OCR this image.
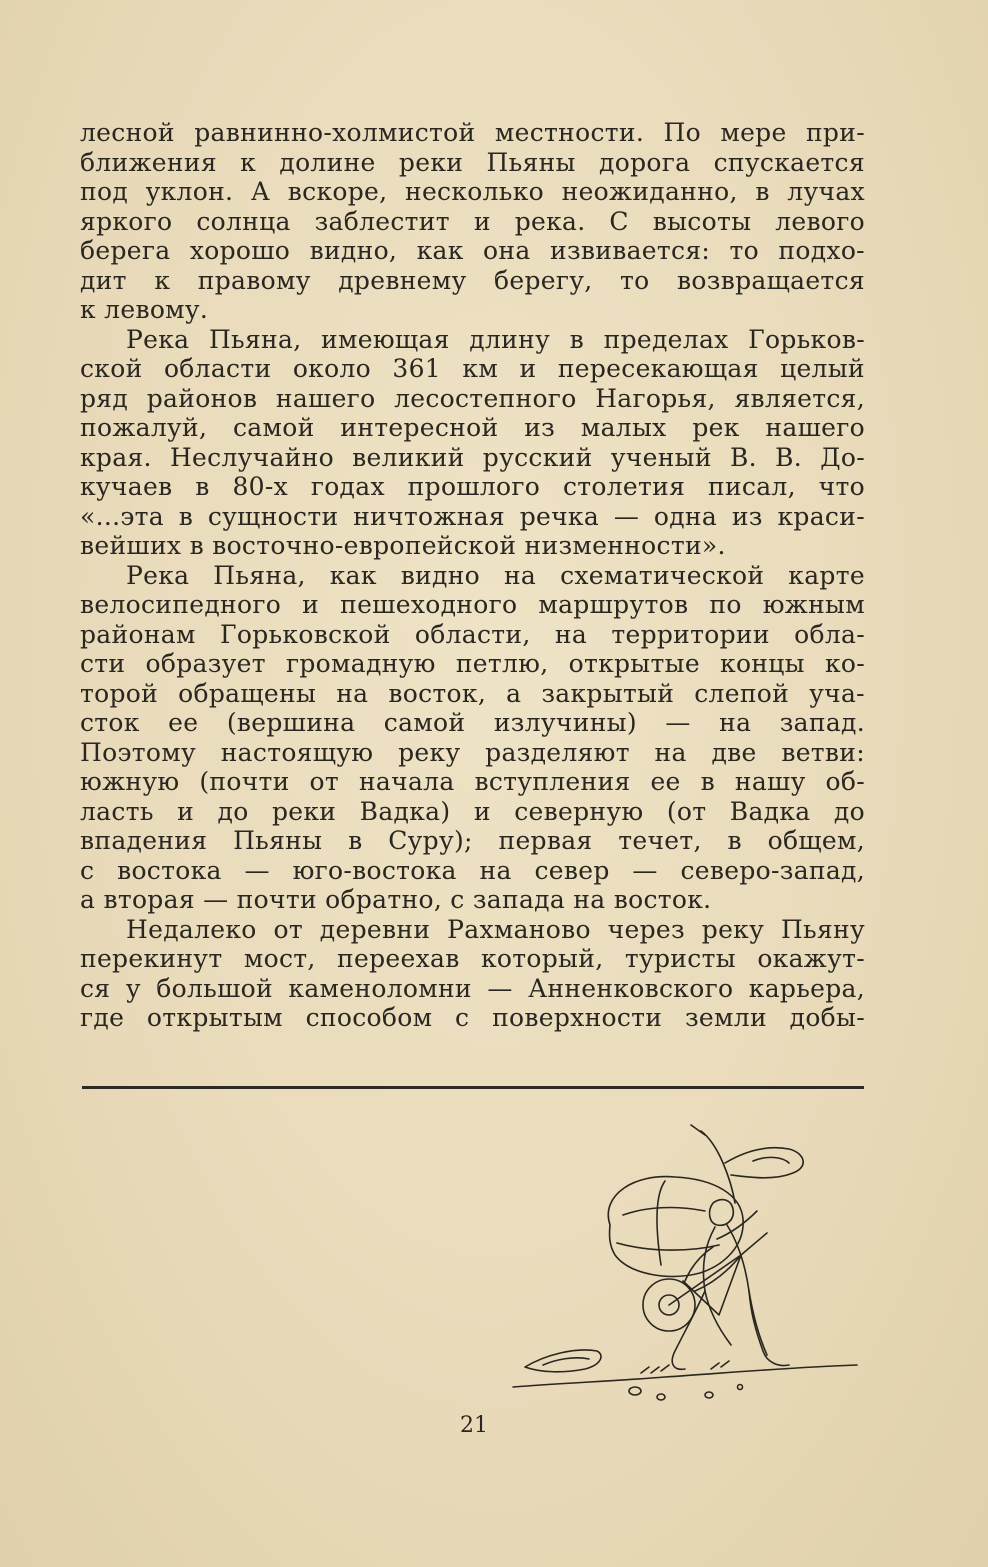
лесной равнинно-холмистой местности. По мере при-
ближения к долине реки Пьяны дорога спускается
под уклон. А вскоре, несколько неожиданно, в лучах
яркого солнца заблестит и река. С высоты левого
берега хорошо видно, как она извивается: то подхо-
дит к правому древнему берегу, то возвращается
к левому.
Река Пьяна, имеющая длину в пределах Горьков-
ской области около 361 км и пересекающая целый
ряд районов нашего лесостепного Нагорья, является,
пожалуй, самой интересной из малых рек нашего
края. Неслучайно великий русский ученый В. В. До-
кучаев в 80-х годах прошлого столетия писал, что
«...эта в сущности ничтожная речка — одна из краси-
вейших в восточно-европейской низменности».
Река Пьяна, как видно на схематической карте
велосипедного и пешеходного маршрутов по южным
районам Горьковской области, на территории обла-
сти образует громадную петлю, открытые концы ко-
торой обращены на восток, а закрытый слепой уча-
сток ее (вершина самой излучины) — на запад.
Поэтому настоящую реку разделяют на две ветви:
южную (почти от начала вступления ее в нашу об-
ласть и до реки Вадка) и северную (от Вадка до
впадения Пьяны в Суру); первая течет, в общем,
с востока — юго-востока на север — северо-запад,
а вторая — почти обратно, с запада на восток.
Недалеко от деревни Рахманово через реку Пьяну
перекинут мост, переехав который, туристы окажут-
ся у большой каменоломни — Анненковского карьера,
где открытым способом с поверхности земли добы-
21
